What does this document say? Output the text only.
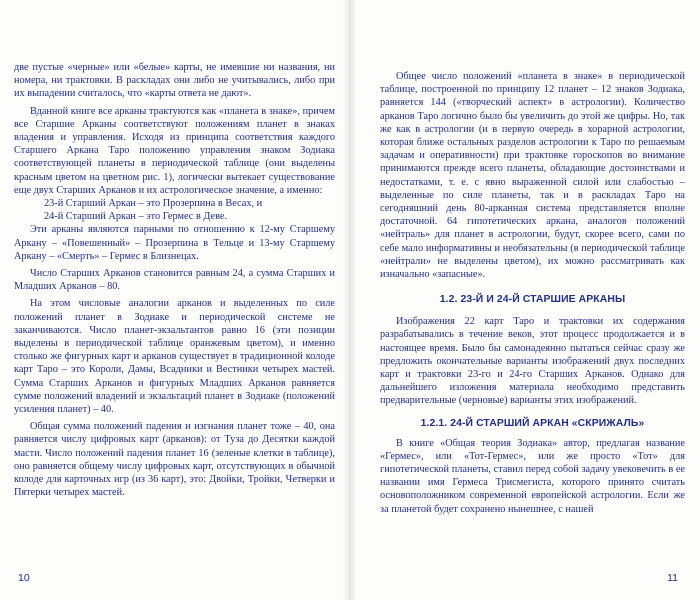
две пустые «черные» или «белые» карты, не имевшие ни названия, ни номера, ни трактовки. В раскладах они либо не учитывались, либо при их выпадении считалось, что «карты ответа не дают».

Вданной книге все арканы трактуются как «планета в знаке», причем все Старшие Арканы соответствуют положениям планет в знаках владения и управления. Исходя из принципа соответствия каждого Старшего Аркана Таро положению управления знаком Зодиака соответствующей планеты в периодической таблице (они выделены красным цветом на цветном рис. 1), логически вытекает существование еще двух Старших Арканов и их астрологическое значение, а именно:

23-й Старший Аркан – это Прозерпина в Весах, и

24-й Старший Аркан – это Гермес в Деве.

Эти арканы являются парными по отношению к 12-му Старшему Аркану – «Повешенный» – Прозерпина в Тельце и 13-му Старшему Аркану – «Смерть» – Гермес в Близнецах.

Число Старших Арканов становится равным 24, а сумма Старших и Младших Арканов – 80.

На этом числовые аналогии арканов и выделенных по силе положений планет в Зодиаке и периодической системе не заканчиваются. Число планет-экзальтантов равно 16 (эти позиции выделены в периодической таблице оранжевым цветом), и именно столько же фигурных карт и арканов существует в традиционной колоде карт Таро – это Короли, Дамы, Всадники и Вестники четырех мастей. Сумма Старших Арканов и фигурных Младших Арканов равняется сумме положений владений и экзальтаций планет в Зодиаке (положений усиления планет) – 40.

Общая сумма положений падения и изгнания планет тоже – 40, она равняется числу цифровых карт (арканов): от Туза до Десятки каждой масти. Число положений падения планет 16 (зеленые клетки в таблице), оно равняется общему числу цифровых карт, отсутствующих в обычной колоде для карточных игр (из 36 карт), это: Двойки, Тройки, Четверки и Пятерки четырех мастей.

10

Общее число положений «планета в знаке» в периодической таблице, построенной по принципу 12 планет – 12 знаков Зодиака, равняется 144 («творческий аспект» в астрологии). Количество арканов Таро логично было бы увеличить до этой же цифры. Но, так же как в астрологии (и в первую очередь в хорарной астрологии, которая ближе остальных разделов астрологии к Таро по решаемым задачам и оперативности) при трактовке гороскопов во внимание принимаются прежде всего планеты, обладающие достоинствами и недостатками, т. е. с явно выраженной силой или слабостью – выделенные по силе планеты, так и в раскладах Таро на сегодняшний день 80-арканная система представляется вполне достаточной. 64 гипотетических аркана, аналогов положений «нейтраль» для планет в астрологии, будут, скорее всего, сами по себе мало информативны и необязательны (в периодической таблице «нейтрали» не выделены цветом), их можно рассматривать как изначально «запасные».

1.2. 23-Й И 24-Й СТАРШИЕ АРКАНЫ

Изображения 22 карт Таро и трактовки их содержания разрабатывались в течение веков, этот процесс продолжается и в настоящее время. Было бы самонадеянно пытаться сейчас сразу же предложить окончательные варианты изображений двух последних карт и трактовки 23-го и 24-го Старших Арканов. Однако для дальнейшего изложения материала необходимо представить предварительные (черновые) варианты этих изображений.

1.2.1. 24-Й СТАРШИЙ АРКАН «СКРИЖАЛЬ»

В книге «Общая теория Зодиака» автор, предлагая название «Гермес», или «Тот-Гермес», или же просто «Тот» для гипотетической планеты, ставил перед собой задачу увековечить в ее названии имя Гермеса Трисмегиста, которого принято считать основоположником современной европейской астрологии. Если же за планетой будет сохранено нынешнее, с нашей

11
